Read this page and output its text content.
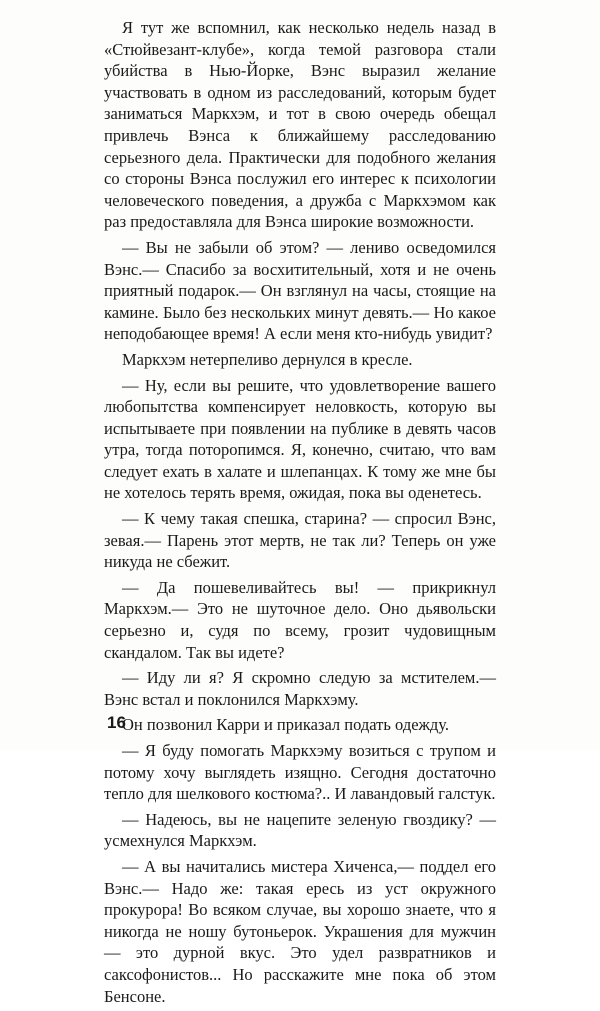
Я тут же вспомнил, как несколько недель назад в «Стюйвезант-клубе», когда темой разговора стали убийства в Нью-Йорке, Вэнс выразил желание участвовать в одном из расследований, которым будет заниматься Маркхэм, и тот в свою очередь обещал привлечь Вэнса к ближайшему расследованию серьезного дела. Практически для подобного желания со стороны Вэнса послужил его интерес к психологии человеческого поведения, а дружба с Маркхэмом как раз предоставляла для Вэнса широкие возможности.

— Вы не забыли об этом? — лениво осведомился Вэнс.— Спасибо за восхитительный, хотя и не очень приятный подарок.— Он взглянул на часы, стоящие на камине. Было без нескольких минут девять.— Но какое неподобающее время! А если меня кто-нибудь увидит?

Маркхэм нетерпеливо дернулся в кресле.

— Ну, если вы решите, что удовлетворение вашего любопытства компенсирует неловкость, которую вы испытываете при появлении на публике в девять часов утра, тогда поторопимся. Я, конечно, считаю, что вам следует ехать в халате и шлепанцах. К тому же мне бы не хотелось терять время, ожидая, пока вы оденетесь.

— К чему такая спешка, старина? — спросил Вэнс, зевая.— Парень этот мертв, не так ли? Теперь он уже никуда не сбежит.

— Да пошевеливайтесь вы! — прикрикнул Маркхэм.— Это не шуточное дело. Оно дьявольски серьезно и, судя по всему, грозит чудовищным скандалом. Так вы идете?

— Иду ли я? Я скромно следую за мстителем.— Вэнс встал и поклонился Маркхэму.

Он позвонил Карри и приказал подать одежду.

— Я буду помогать Маркхэму возиться с трупом и потому хочу выглядеть изящно. Сегодня достаточно тепло для шелкового костюма?.. И лавандовый галстук.

— Надеюсь, вы не нацепите зеленую гвоздику? — усмехнулся Маркхэм.

— А вы начитались мистера Хиченса,— поддел его Вэнс.— Надо же: такая ересь из уст окружного прокурора! Во всяком случае, вы хорошо знаете, что я никогда не ношу бутоньерок. Украшения для мужчин — это дурной вкус. Это удел развратников и саксофонистов... Но расскажите мне пока об этом Бенсоне.

16
